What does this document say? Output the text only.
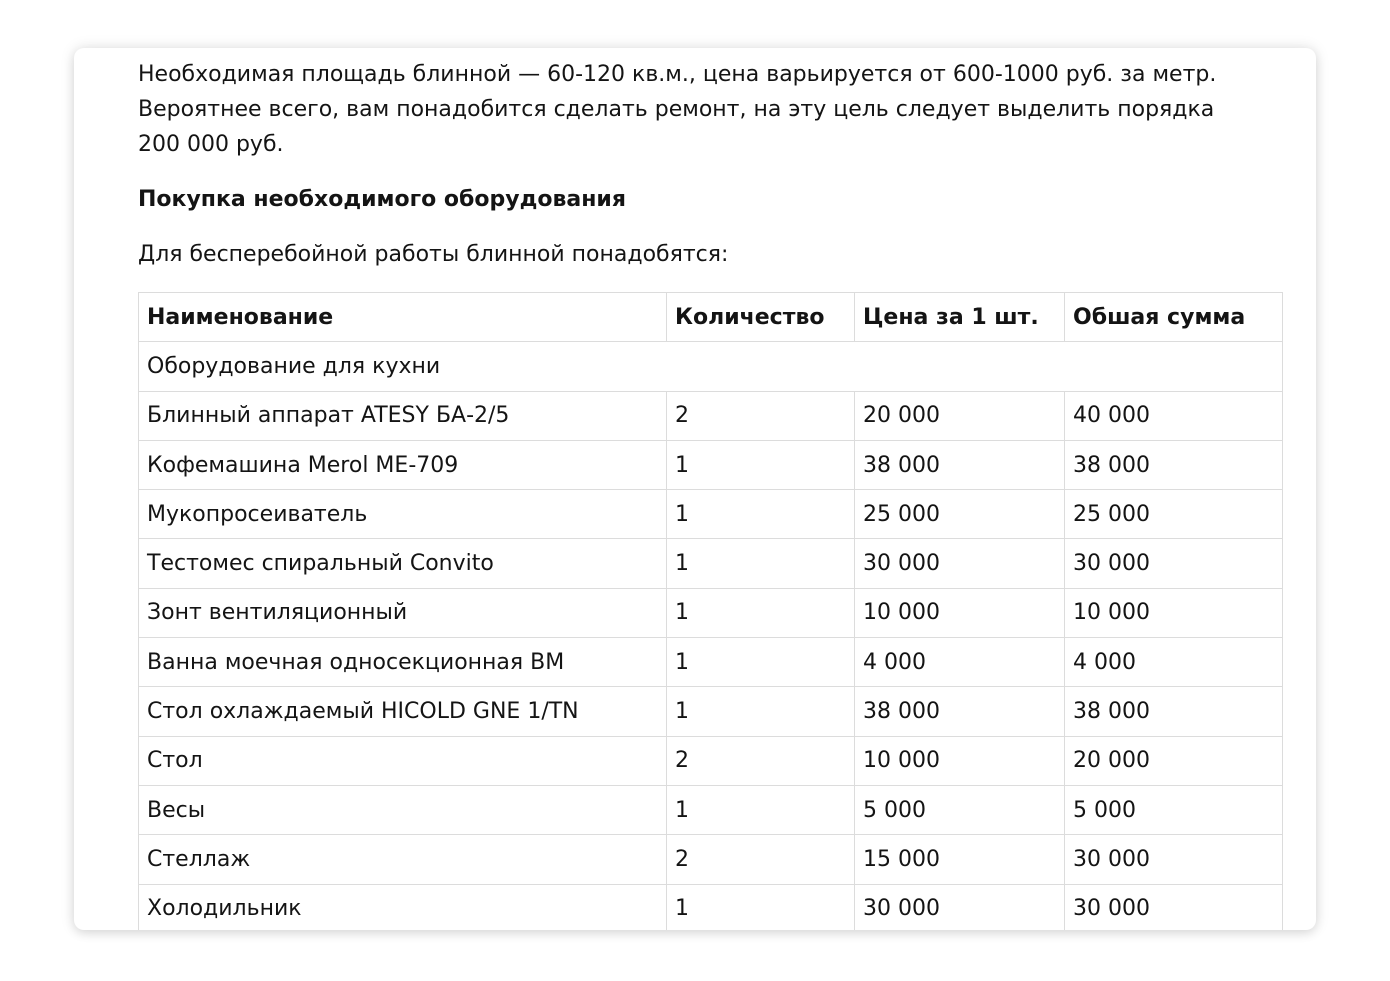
Необходимая площадь блинной — 60-120 кв.м., цена варьируется от 600-1000 руб. за метр. Вероятнее всего, вам понадобится сделать ремонт, на эту цель следует выделить порядка 200 000 руб.

Покупка необходимого оборудования

Для бесперебойной работы блинной понадобятся:

Наименование	Количество	Цена за 1 шт.	Обшая сумма
Оборудование для кухни			
Блинный аппарат ATESY БА-2/5	2	20 000	40 000
Кофемашина Merol ME-709	1	38 000	38 000
Мукопросеиватель	1	25 000	25 000
Тестомес спиральный Convito	1	30 000	30 000
Зонт вентиляционный	1	10 000	10 000
Ванна моечная односекционная ВМ	1	4 000	4 000
Стол охлаждаемый HICOLD GNE 1/TN	1	38 000	38 000
Стол	2	10 000	20 000
Весы	1	5 000	5 000
Стеллаж	2	15 000	30 000
Холодильник	1	30 000	30 000
